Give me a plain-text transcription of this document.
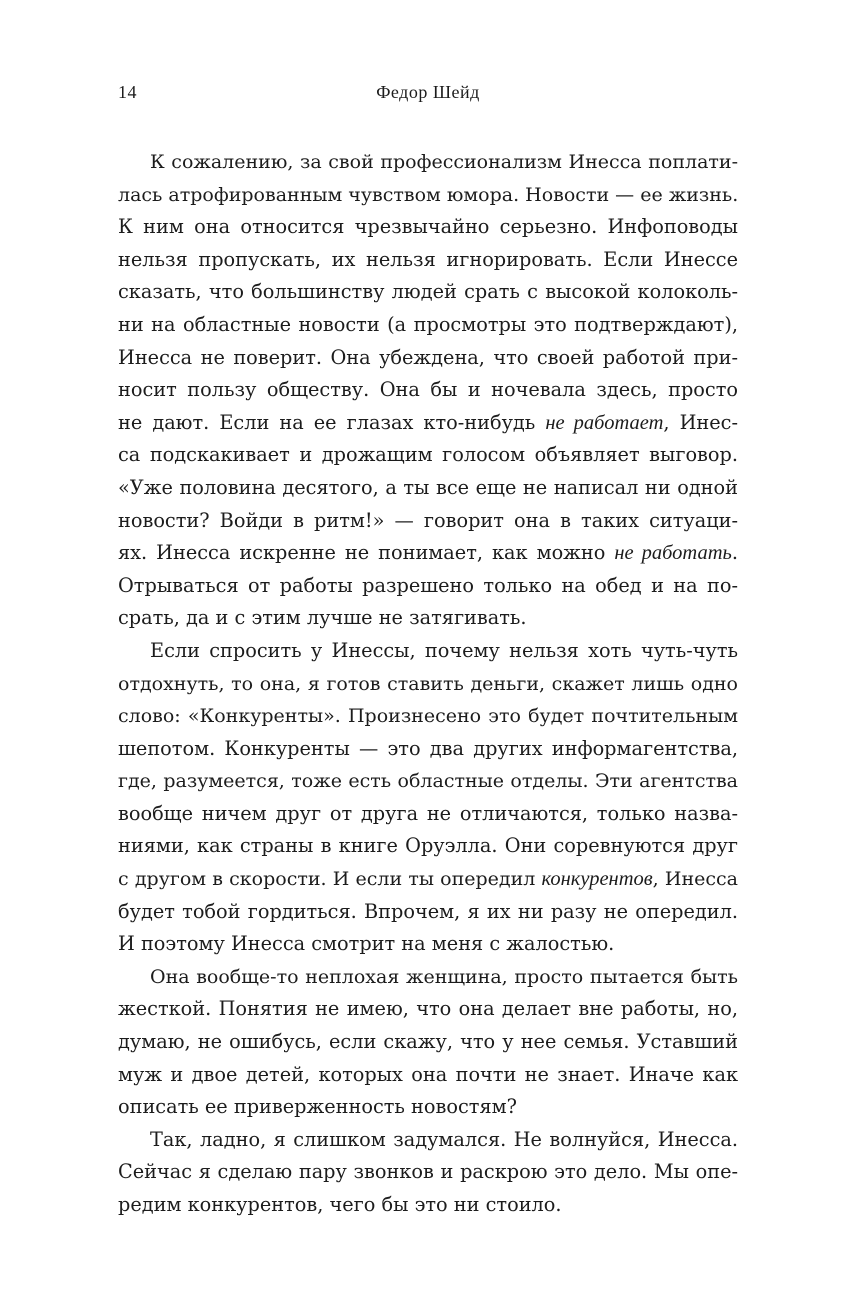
14	Федор Шейд
К сожалению, за свой профессионализм Инесса поплати-
лась атрофированным чувством юмора. Новости — ее жизнь.
К ним она относится чрезвычайно серьезно. Инфоповоды
нельзя пропускать, их нельзя игнорировать. Если Инессе
сказать, что большинству людей срать с высокой колоколь-
ни на областные новости (а просмотры это подтверждают),
Инесса не поверит. Она убеждена, что своей работой при-
носит пользу обществу. Она бы и ночевала здесь, просто
не дают. Если на ее глазах кто-нибудь не работает, Инес-
са подскакивает и дрожащим голосом объявляет выговор.
«Уже половина десятого, а ты все еще не написал ни одной
новости? Войди в ритм!» — говорит она в таких ситуаци-
ях. Инесса искренне не понимает, как можно не работать.
Отрываться от работы разрешено только на обед и на по-
срать, да и с этим лучше не затягивать.
Если спросить у Инессы, почему нельзя хоть чуть-чуть
отдохнуть, то она, я готов ставить деньги, скажет лишь одно
слово: «Конкуренты». Произнесено это будет почтительным
шепотом. Конкуренты — это два других информагентства,
где, разумеется, тоже есть областные отделы. Эти агентства
вообще ничем друг от друга не отличаются, только назва-
ниями, как страны в книге Оруэлла. Они соревнуются друг
с другом в скорости. И если ты опередил конкурентов, Инесса
будет тобой гордиться. Впрочем, я их ни разу не опередил.
И поэтому Инесса смотрит на меня с жалостью.
Она вообще-то неплохая женщина, просто пытается быть
жесткой. Понятия не имею, что она делает вне работы, но,
думаю, не ошибусь, если скажу, что у нее семья. Уставший
муж и двое детей, которых она почти не знает. Иначе как
описать ее приверженность новостям?
Так, ладно, я слишком задумался. Не волнуйся, Инесса.
Сейчас я сделаю пару звонков и раскрою это дело. Мы опе-
редим конкурентов, чего бы это ни стоило.
